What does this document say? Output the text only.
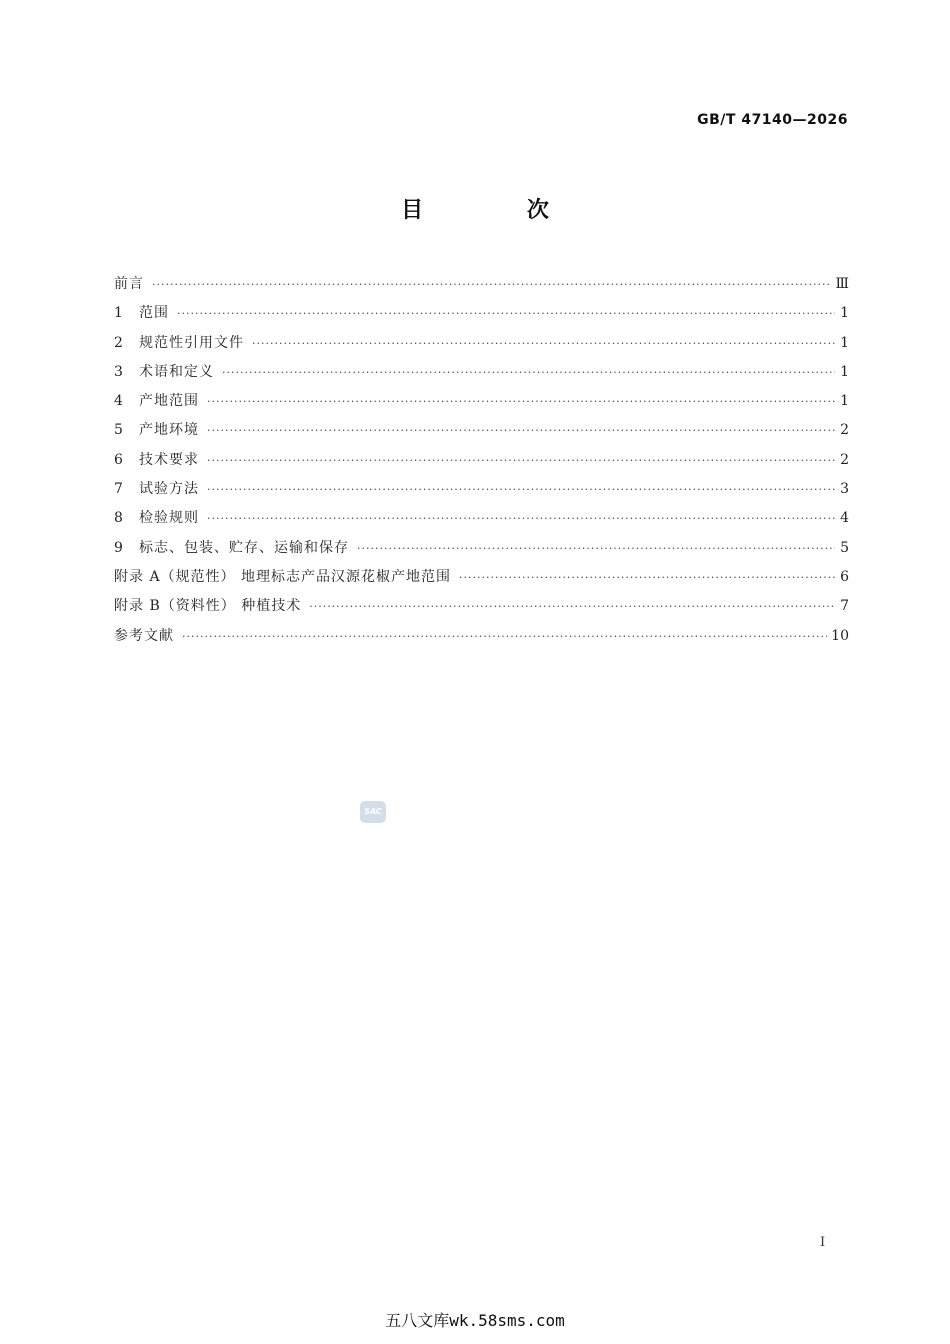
GB/T 47140—2026
目 次
前言 ·····	Ⅲ
1	范围 ·····	1
2	规范性引用文件 ·····	1
3	术语和定义 ·····	1
4	产地范围 ·····	1
5	产地环境 ·····	2
6	技术要求 ·····	2
7	试验方法 ·····	3
8	检验规则 ·····	4
9	标志、包装、贮存、运输和保存 ·····	5
附录 A（规范性） 地理标志产品汉源花椒产地范围 ·····	6
附录 B（资料性） 种植技术 ·····	7
参考文献 ·····	10
SAC
I
五八文库wk.58sms.com
